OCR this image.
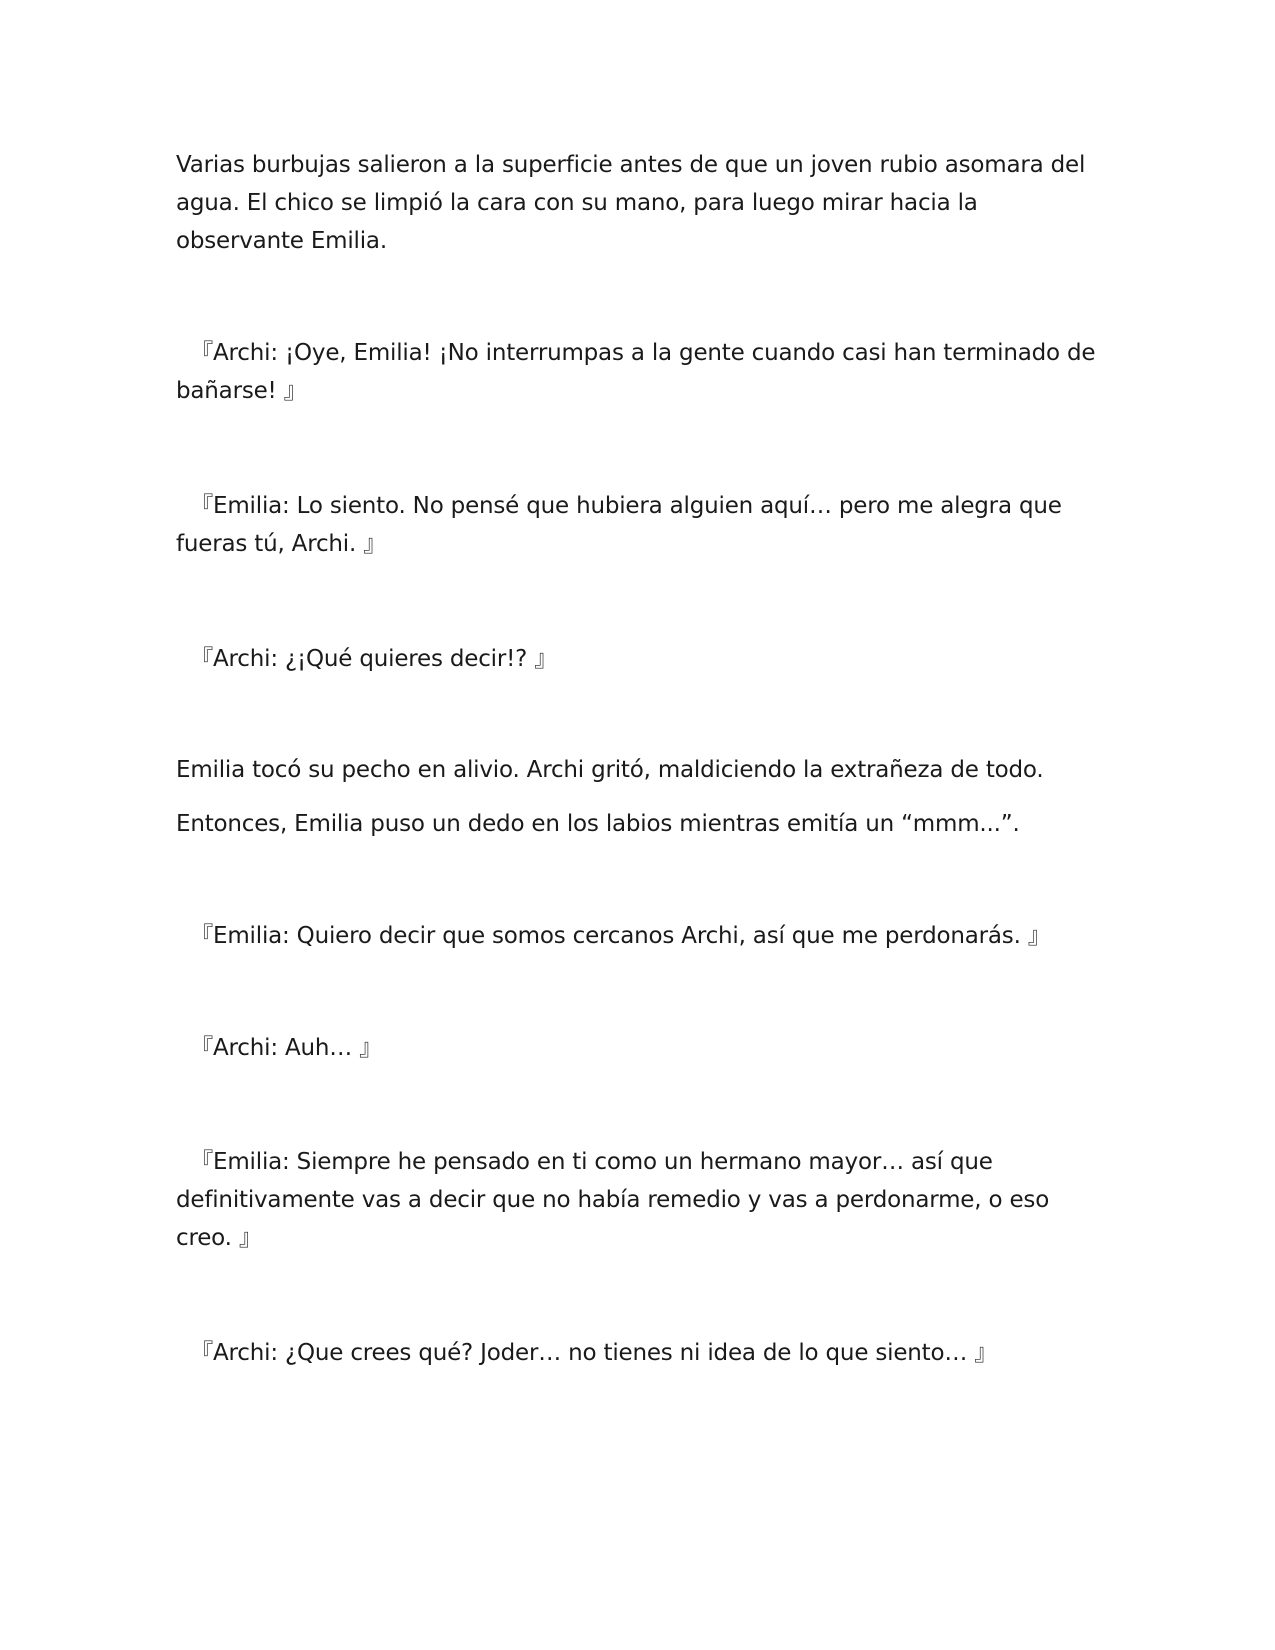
Varias burbujas salieron a la superficie antes de que un joven rubio asomara del agua. El chico se limpió la cara con su mano, para luego mirar hacia la observante Emilia.

『Archi: ¡Oye, Emilia! ¡No interrumpas a la gente cuando casi han terminado de bañarse! 』

『Emilia: Lo siento. No pensé que hubiera alguien aquí… pero me alegra que fueras tú, Archi. 』

『Archi: ¿¡Qué quieres decir!? 』

Emilia tocó su pecho en alivio. Archi gritó, maldiciendo la extrañeza de todo.

Entonces, Emilia puso un dedo en los labios mientras emitía un “mmm...”.

『Emilia: Quiero decir que somos cercanos Archi, así que me perdonarás. 』

『Archi: Auh… 』

『Emilia: Siempre he pensado en ti como un hermano mayor… así que definitivamente vas a decir que no había remedio y vas a perdonarme, o eso creo. 』

『Archi: ¿Que crees qué? Joder… no tienes ni idea de lo que siento… 』
